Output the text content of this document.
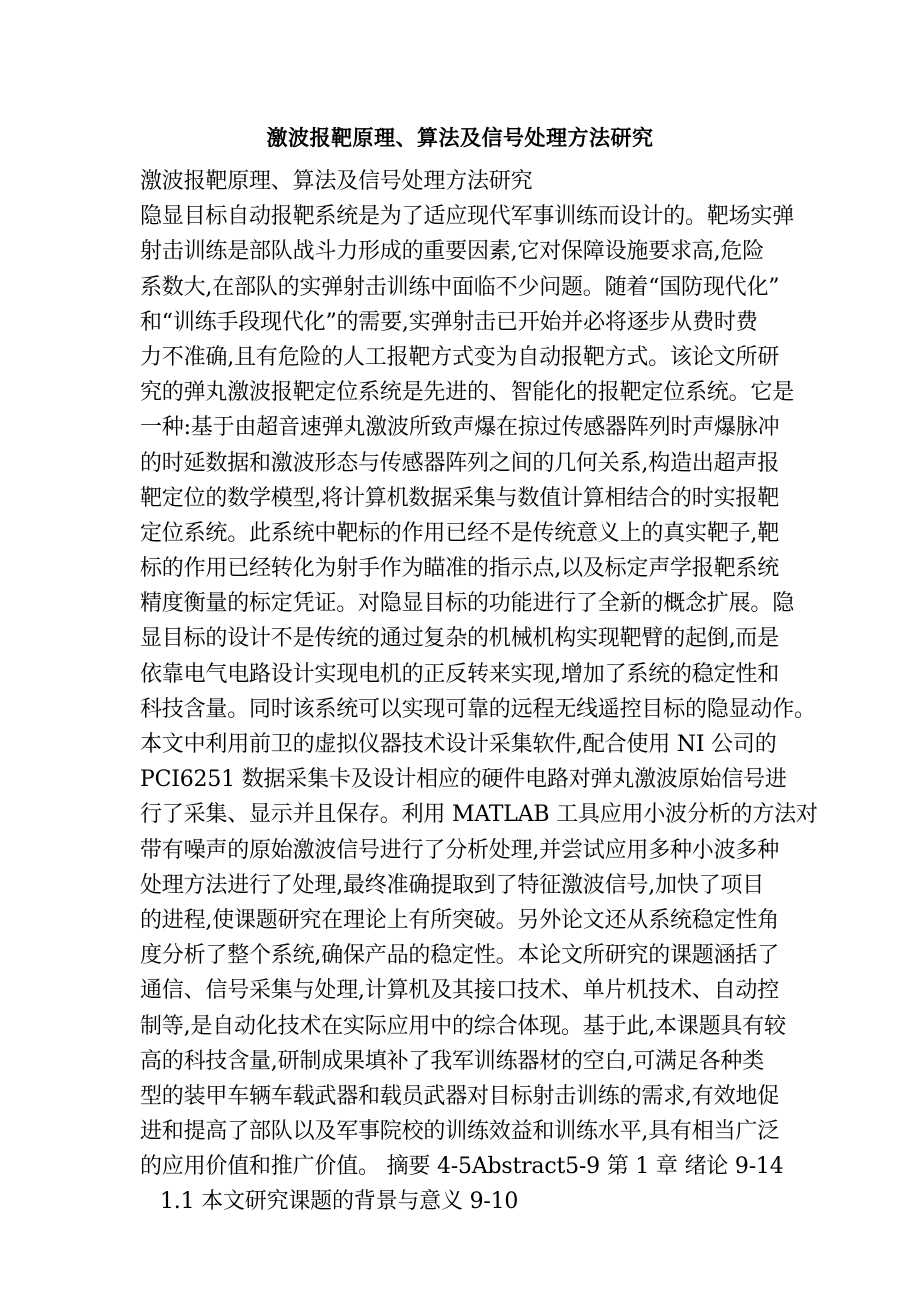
激波报靶原理、算法及信号处理方法研究
激波报靶原理、算法及信号处理方法研究
隐显目标自动报靶系统是为了适应现代军事训练而设计的。靶场实弹
射击训练是部队战斗力形成的重要因素,它对保障设施要求高,危险
系数大,在部队的实弹射击训练中面临不少问题。随着“国防现代化”
和“训练手段现代化”的需要,实弹射击已开始并必将逐步从费时费
力不准确,且有危险的人工报靶方式变为自动报靶方式。该论文所研
究的弹丸激波报靶定位系统是先进的、智能化的报靶定位系统。它是
一种:基于由超音速弹丸激波所致声爆在掠过传感器阵列时声爆脉冲
的时延数据和激波形态与传感器阵列之间的几何关系,构造出超声报
靶定位的数学模型,将计算机数据采集与数值计算相结合的时实报靶
定位系统。此系统中靶标的作用已经不是传统意义上的真实靶子,靶
标的作用已经转化为射手作为瞄准的指示点,以及标定声学报靶系统
精度衡量的标定凭证。对隐显目标的功能进行了全新的概念扩展。隐
显目标的设计不是传统的通过复杂的机械机构实现靶臂的起倒,而是
依靠电气电路设计实现电机的正反转来实现,增加了系统的稳定性和
科技含量。同时该系统可以实现可靠的远程无线遥控目标的隐显动作。
本文中利用前卫的虚拟仪器技术设计采集软件,配合使用 NI 公司的
PCI6251 数据采集卡及设计相应的硬件电路对弹丸激波原始信号进
行了采集、显示并且保存。利用 MATLAB 工具应用小波分析的方法对
带有噪声的原始激波信号进行了分析处理,并尝试应用多种小波多种
处理方法进行了处理,最终准确提取到了特征激波信号,加快了项目
的进程,使课题研究在理论上有所突破。另外论文还从系统稳定性角
度分析了整个系统,确保产品的稳定性。本论文所研究的课题涵括了
通信、信号采集与处理,计算机及其接口技术、单片机技术、自动控
制等,是自动化技术在实际应用中的综合体现。基于此,本课题具有较
高的科技含量,研制成果填补了我军训练器材的空白,可满足各种类
型的装甲车辆车载武器和载员武器对目标射击训练的需求,有效地促
进和提高了部队以及军事院校的训练效益和训练水平,具有相当广泛
的应用价值和推广价值。 摘要 4-5Abstract5-9 第 1 章 绪论 9-14
1.1 本文研究课题的背景与意义 9-10
